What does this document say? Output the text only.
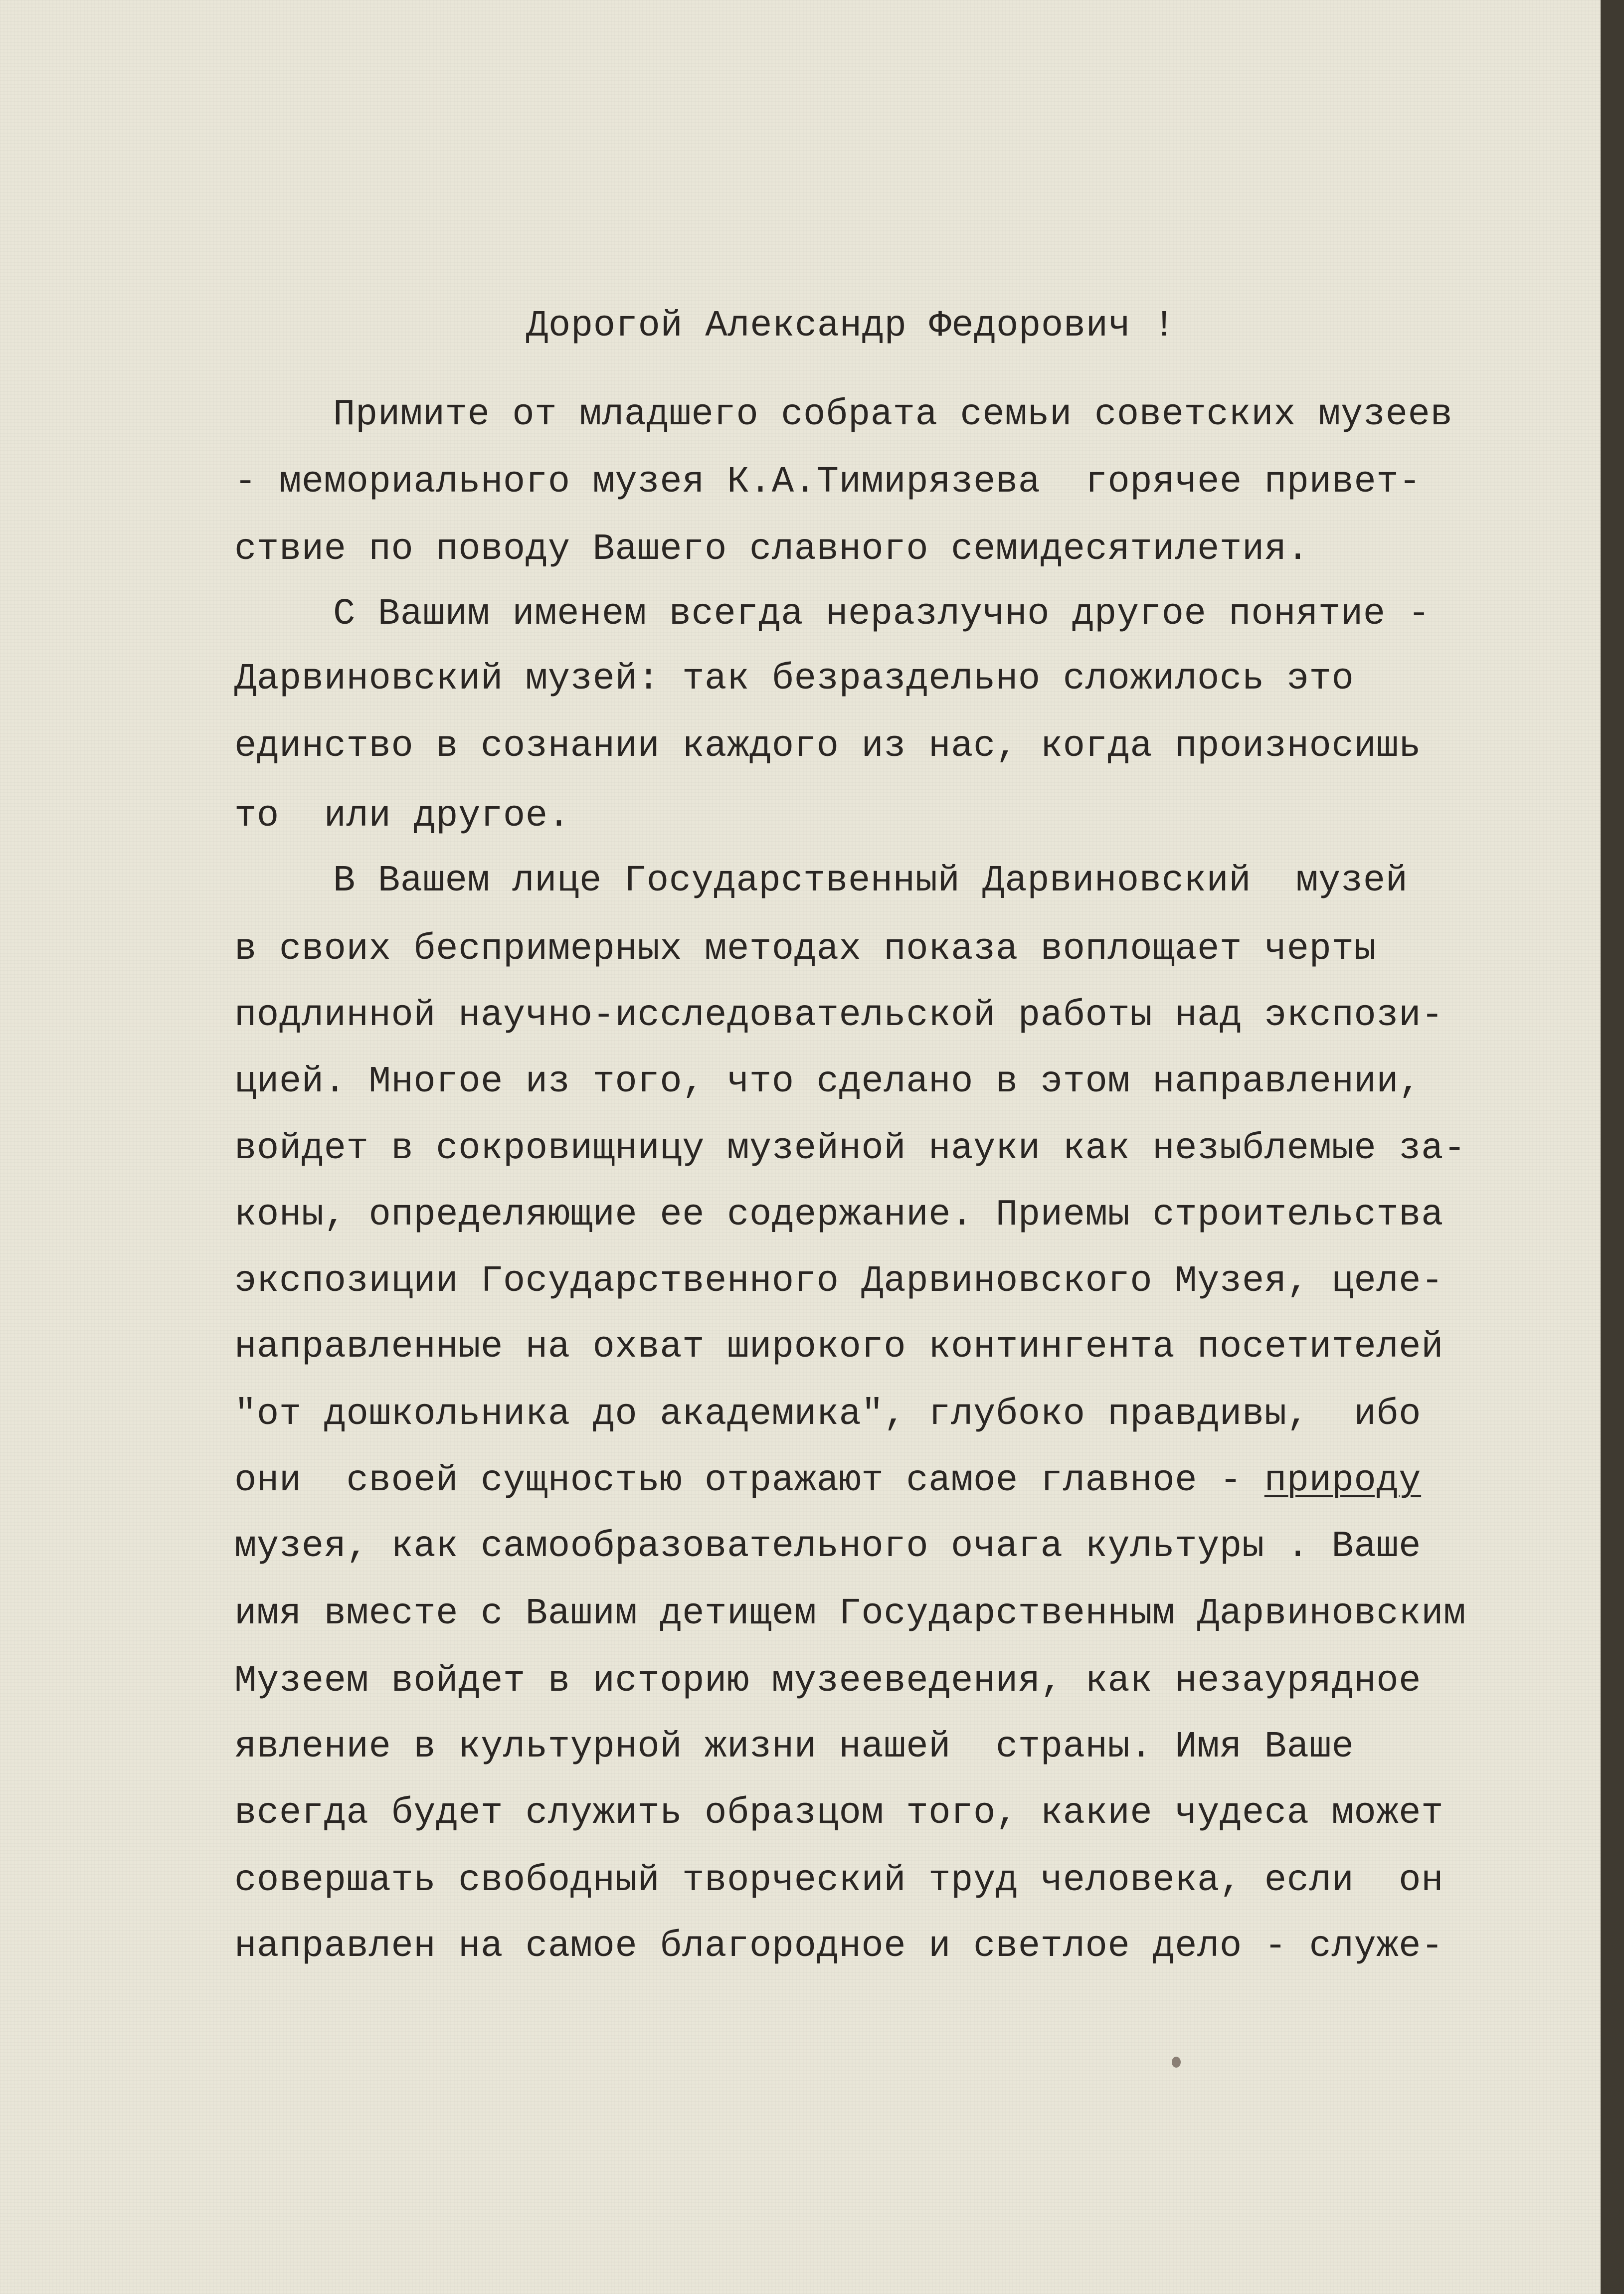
Дорогой Александр Федорович !

Примите от младшего собрата семьи советских музеев

- мемориального музея К.А.Тимирязева  горячее привет-

ствие по поводу Вашего славного семидесятилетия.

С Вашим именем всегда неразлучно другое понятие -

Дарвиновский музей: так безраздельно сложилось это

единство в сознании каждого из нас, когда произносишь

то  или другое.

В Вашем лице Государственный Дарвиновский  музей

в своих беспримерных методах показа воплощает черты

подлинной научно-исследовательской работы над экспози-

цией. Многое из того, что сделано в этом направлении,

войдет в сокровищницу музейной науки как незыблемые за-

коны, определяющие ее содержание. Приемы строительства

экспозиции Государственного Дарвиновского Музея, целе-

направленные на охват широкого контингента посетителей

"от дошкольника до академика", глубоко правдивы,  ибо

они  своей сущностью отражают самое главное - природу

музея, как самообразовательного очага культуры . Ваше

имя вместе с Вашим детищем Государственным Дарвиновским

Музеем войдет в историю музееведения, как незаурядное

явление в культурной жизни нашей  страны. Имя Ваше

всегда будет служить образцом того, какие чудеса может

совершать свободный творческий труд человека, если  он

направлен на самое благородное и светлое дело - служе-
